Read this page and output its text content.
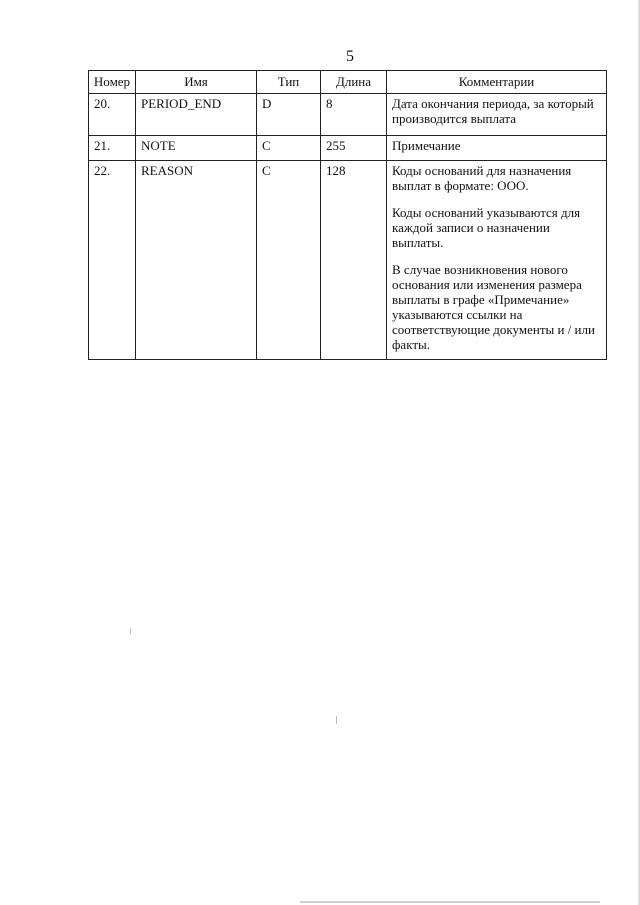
5
Номер	Имя	Тип	Длина	Комментарии
20.	PERIOD_END	D	8	Дата окончания периода, за который производится выплата

21.	NOTE	C	255	Примечание

22.	REASON	C	128	Коды оснований для назначения выплат в формате: OOO.
Коды оснований указываются для каждой записи о назначении выплаты.
В случае возникновения нового основания или изменения размера выплаты в графе «Примечание» указываются ссылки на соответствующие документы и / или факты.
